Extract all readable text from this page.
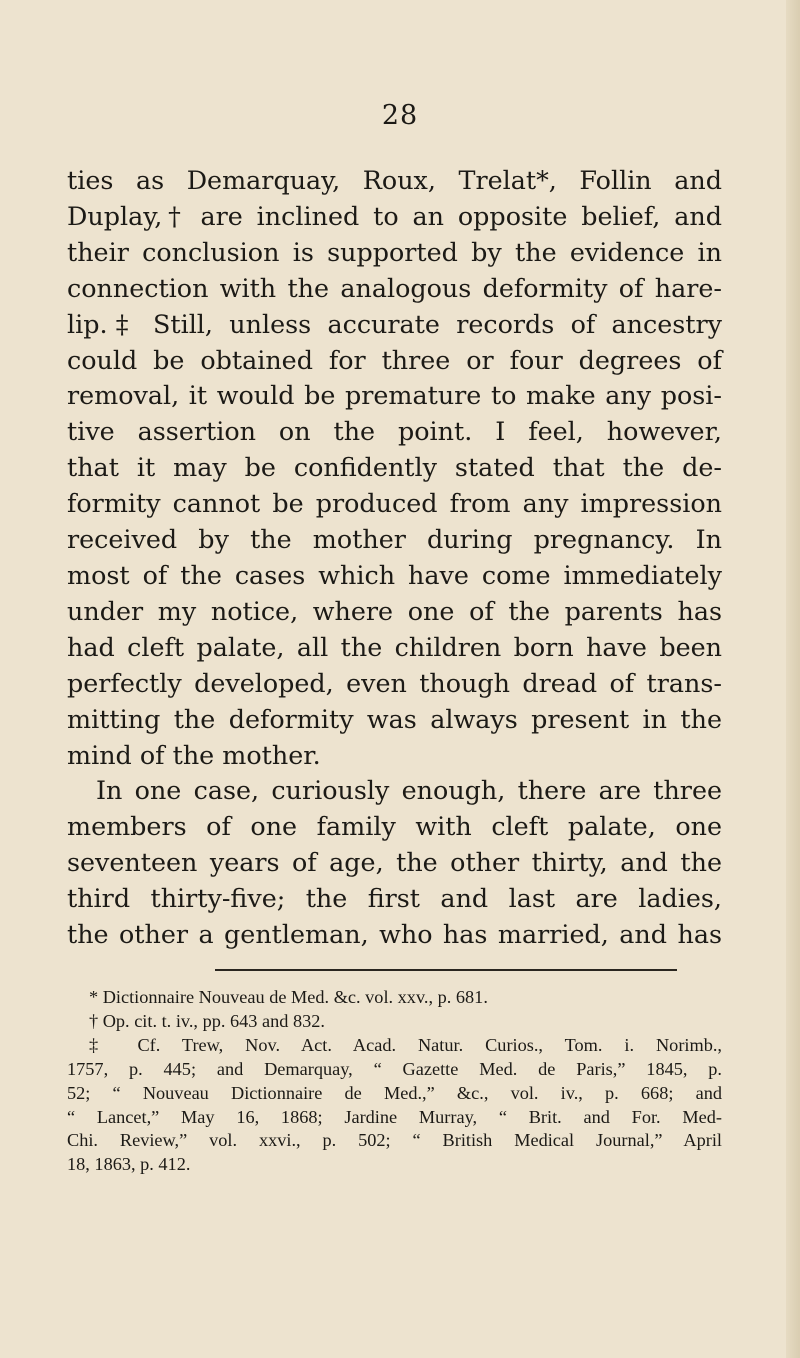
28
ties as Demarquay, Roux, Trelat*, Follin and
Duplay,† are inclined to an opposite belief, and
their conclusion is supported by the evidence in
connection with the analogous deformity of hare-
lip.‡ Still, unless accurate records of ancestry
could be obtained for three or four degrees of
removal, it would be premature to make any posi-
tive assertion on the point. I feel, however,
that it may be confidently stated that the de-
formity cannot be produced from any impression
received by the mother during pregnancy. In
most of the cases which have come immediately
under my notice, where one of the parents has
had cleft palate, all the children born have been
perfectly developed, even though dread of trans-
mitting the deformity was always present in the
mind of the mother.
In one case, curiously enough, there are three
members of one family with cleft palate, one
seventeen years of age, the other thirty, and the
third thirty-five; the first and last are ladies,
the other a gentleman, who has married, and has
* Dictionnaire Nouveau de Med. &c. vol. xxv., p. 681.
† Op. cit. t. iv., pp. 643 and 832.
‡ Cf. Trew, Nov. Act. Acad. Natur. Curios., Tom. i. Norimb.,
1757, p. 445; and Demarquay, “ Gazette Med. de Paris,” 1845, p.
52; “ Nouveau Dictionnaire de Med.,” &c., vol. iv., p. 668; and
“ Lancet,” May 16, 1868; Jardine Murray, “ Brit. and For. Med-
Chi. Review,” vol. xxvi., p. 502; “ British Medical Journal,” April
18, 1863, p. 412.
